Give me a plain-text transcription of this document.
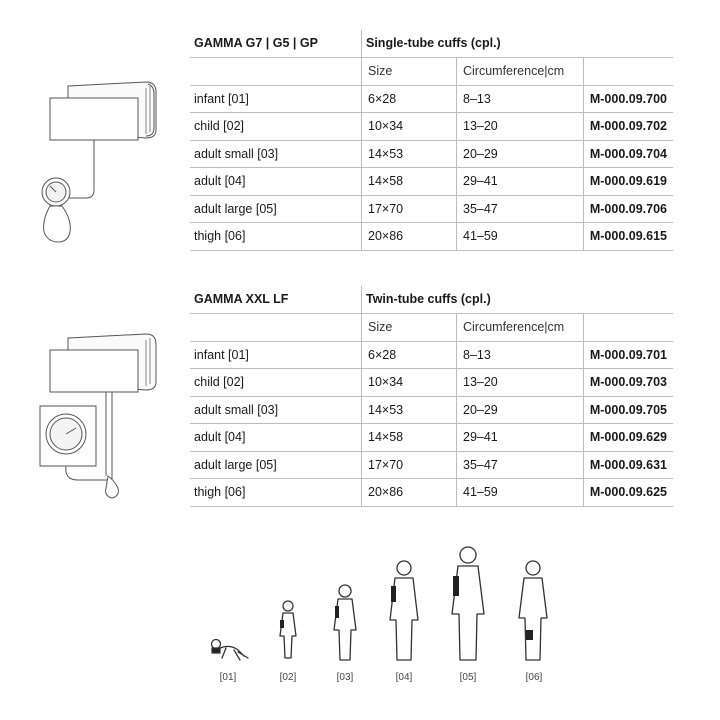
GAMMA G7 | G5 | GP	Single-tube cuffs (cpl.)		
	Size	Circumference|cm	
infant [01]	6×28	8–13	M-000.09.700
child [02]	10×34	13–20	M-000.09.702
adult small [03]	14×53	20–29	M-000.09.704
adult [04]	14×58	29–41	M-000.09.619
adult large [05]	17×70	35–47	M-000.09.706
thigh [06]	20×86	41–59	M-000.09.615
GAMMA XXL LF	Twin-tube cuffs (cpl.)		
	Size	Circumference|cm	
infant [01]	6×28	8–13	M-000.09.701
child [02]	10×34	13–20	M-000.09.703
adult small [03]	14×53	20–29	M-000.09.705
adult [04]	14×58	29–41	M-000.09.629
adult large [05]	17×70	35–47	M-000.09.631
thigh [06]	20×86	41–59	M-000.09.625
[01]	[02]	[03]	[04]	[05]	[06]
